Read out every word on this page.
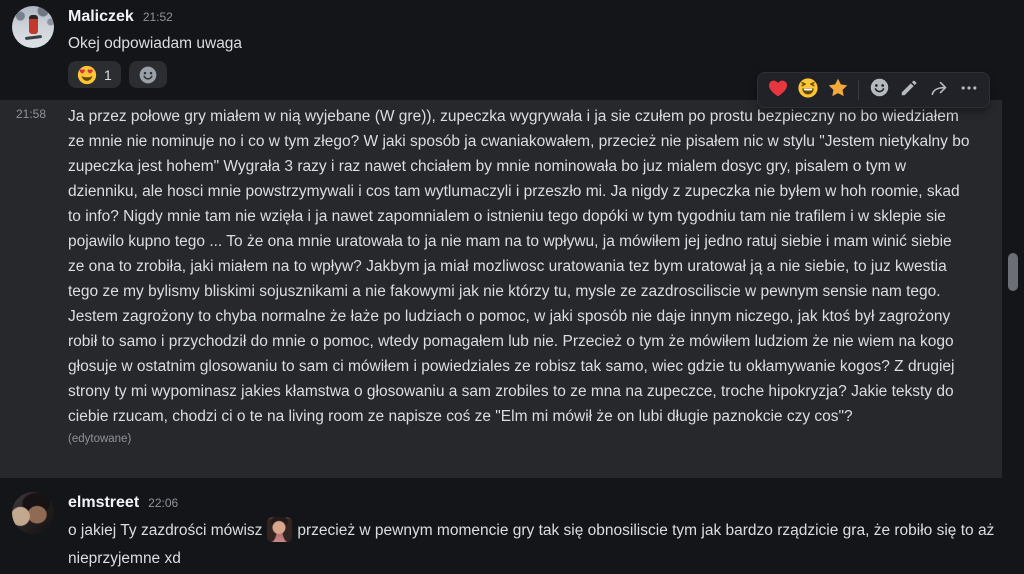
Maliczek 21:52
Okej odpowiadam uwaga
1
21:58	Ja przez połowe gry miałem w nią wyjebane (W gre)), zupeczka wygrywała i ja sie czułem po prostu bezpieczny no bo wiedziałem ze mnie nie nominuje no i co w tym złego? W jaki sposób ja cwaniakowałem, przecież nie pisałem nic w stylu "Jestem nietykalny bo zupeczka jest hohem" Wygrała 3 razy i raz nawet chciałem by mnie nominowała bo juz mialem dosyc gry, pisalem o tym w dzienniku, ale hosci mnie powstrzymywali i cos tam wytlumaczyli i przeszło mi. Ja nigdy z zupeczka nie byłem w hoh roomie, skad to info? Nigdy mnie tam nie wzięła i ja nawet zapomnialem o istnieniu tego dopóki w tym tygodniu tam nie trafilem i w sklepie sie pojawilo kupno tego ... To że ona mnie uratowała to ja nie mam na to wpływu, ja mówiłem jej jedno ratuj siebie i mam winić siebie ze ona to zrobiła, jaki miałem na to wpływ? Jakbym ja miał mozliwosc uratowania tez bym uratował ją a nie siebie, to juz kwestia tego ze my bylismy bliskimi sojusznikami a nie fakowymi jak nie którzy tu, mysle ze zazdrosciliscie w pewnym sensie nam tego. Jestem zagrożony to chyba normalne że łaże po ludziach o pomoc, w jaki sposób nie daje innym niczego, jak ktoś był zagrożony robił to samo i przychodził do mnie o pomoc, wtedy pomagałem lub nie. Przecież o tym że mówiłem ludziom że nie wiem na kogo głosuje w ostatnim glosowaniu to sam ci mówiłem i powiedziales ze robisz tak samo, wiec gdzie tu okłamywanie kogos? Z drugiej strony ty mi wypominasz jakies kłamstwa o głosowaniu a sam zrobiles to ze mna na zupeczce, troche hipokryzja? Jakie teksty do ciebie rzucam, chodzi ci o te na living room ze napisze coś ze "Elm mi mówił że on lubi długie paznokcie czy cos"?
(edytowane)
elmstreet 22:06
o jakiej Ty zazdrości mówisz przecież w pewnym momencie gry tak się obnosiliscie tym jak bardzo rządzicie gra, że robiło się to aż nieprzyjemne xd
